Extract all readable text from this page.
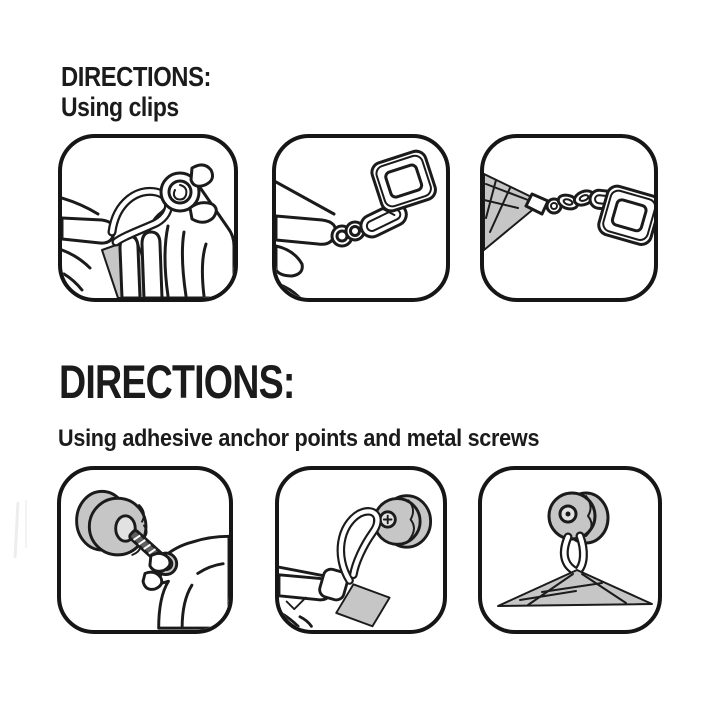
DIRECTIONS:
Using clips
DIRECTIONS:
Using adhesive anchor points and metal screws
